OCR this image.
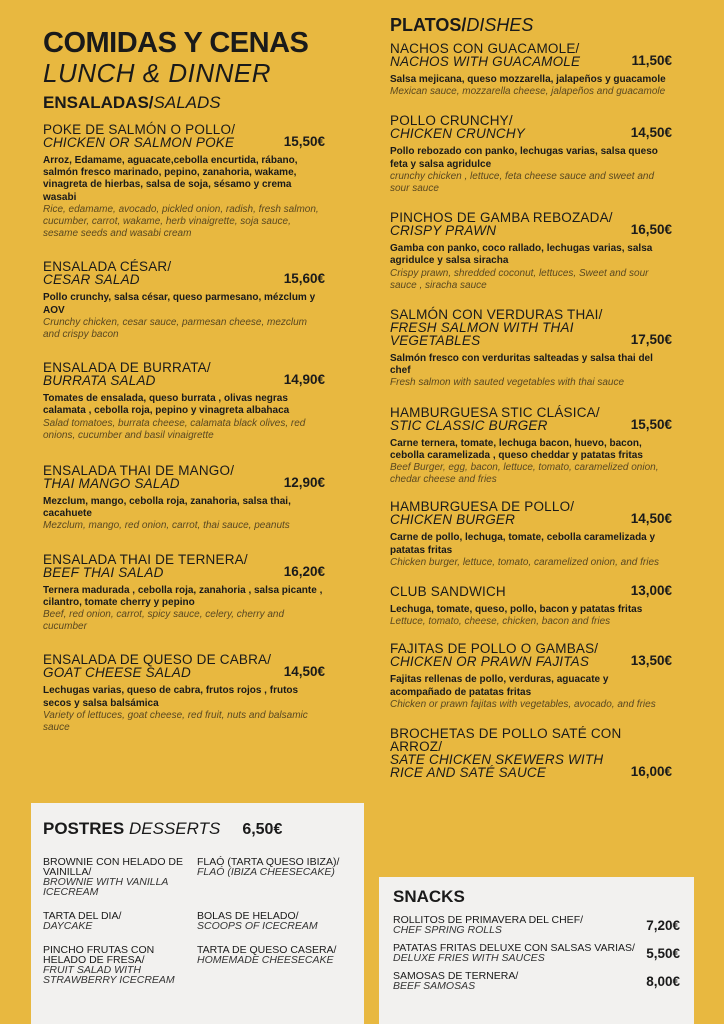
COMIDAS Y CENAS
LUNCH & DINNER
ENSALADAS/SALADS
POKE DE SALMÓN O POLLO/
CHICKEN OR SALMON POKE	15,50€
Arroz, Edamame, aguacate,cebolla encurtida, rábano, salmón fresco marinado, pepino, zanahoria, wakame, vinagreta de hierbas, salsa de soja, sésamo y crema wasabi
Rice, edamame, avocado, pickled onion, radish, fresh salmon, cucumber, carrot, wakame, herb vinaigrette, soja sauce, sesame seeds and wasabi cream
ENSALADA CÉSAR/
CESAR SALAD	15,60€
Pollo crunchy, salsa césar, queso parmesano, mézclum y AOV
Crunchy chicken, cesar sauce, parmesan cheese, mezclum and crispy bacon
ENSALADA DE BURRATA/
BURRATA SALAD	14,90€
Tomates de ensalada, queso burrata , olivas negras calamata , cebolla roja, pepino y vinagreta albahaca
Salad tomatoes, burrata cheese, calamata black olives, red onions, cucumber and basil vinaigrette
ENSALADA THAI DE MANGO/
THAI MANGO SALAD	12,90€
Mezclum, mango, cebolla roja, zanahoria, salsa thai, cacahuete
Mezclum, mango, red onion, carrot, thai sauce, peanuts
ENSALADA THAI DE TERNERA/
BEEF THAI SALAD	16,20€
Ternera madurada , cebolla roja, zanahoria , salsa picante , cilantro, tomate cherry y pepino
Beef, red onion, carrot, spicy sauce, celery, cherry and cucumber
ENSALADA DE QUESO DE CABRA/
GOAT CHEESE SALAD	14,50€
Lechugas varias, queso de cabra, frutos rojos , frutos secos y salsa balsámica
Variety of lettuces, goat cheese, red fruit, nuts and balsamic sauce
PLATOS/DISHES
NACHOS CON GUACAMOLE/
NACHOS WITH GUACAMOLE	11,50€
Salsa mejicana, queso mozzarella, jalapeños y guacamole
Mexican sauce, mozzarella cheese, jalapeños and guacamole
POLLO CRUNCHY/
CHICKEN CRUNCHY	14,50€
Pollo rebozado con panko, lechugas varias, salsa queso feta y salsa agridulce
crunchy chicken , lettuce, feta cheese sauce and sweet and sour sauce
PINCHOS DE GAMBA REBOZADA/
CRISPY PRAWN	16,50€
Gamba con panko, coco rallado, lechugas varias, salsa agridulce y salsa siracha
Crispy prawn, shredded coconut, lettuces, Sweet and sour sauce , siracha sauce
SALMÓN CON VERDURAS THAI/
FRESH SALMON WITH THAI VEGETABLES	17,50€
Salmón fresco con verduritas salteadas y salsa thai del chef
Fresh salmon with sauted vegetables with thai sauce
HAMBURGUESA STIC CLÁSICA/
STIC CLASSIC BURGER	15,50€
Carne ternera, tomate, lechuga bacon, huevo, bacon, cebolla caramelizada , queso cheddar y patatas fritas
Beef Burger, egg, bacon, lettuce, tomato, caramelized onion, chedar cheese and fries
HAMBURGUESA DE POLLO/
CHICKEN BURGER	14,50€
Carne de pollo, lechuga, tomate, cebolla caramelizada y patatas fritas
Chicken burger, lettuce, tomato, caramelized onion, and fries
CLUB SANDWICH	13,00€
Lechuga, tomate, queso, pollo, bacon y patatas fritas
Lettuce, tomato, cheese, chicken, bacon and fries
FAJITAS DE POLLO O GAMBAS/
CHICKEN OR PRAWN FAJITAS	13,50€
Fajitas rellenas de pollo, verduras, aguacate y acompañado de patatas fritas
Chicken or prawn fajitas with vegetables, avocado, and fries
BROCHETAS DE POLLO SATÉ CON ARROZ/
SATE CHICKEN SKEWERS WITH RICE AND SATÉ SAUCE	16,00€
POSTRES DESSERTS 6,50€
BROWNIE CON HELADO DE VAINILLA/
BROWNIE WITH VANILLA ICECREAM
FLAÓ (TARTA QUESO IBIZA)/
FLAÓ (IBIZA CHEESECAKE)
TARTA DEL DIA/
DAYCAKE
BOLAS DE HELADO/
SCOOPS OF ICECREAM
PINCHO FRUTAS CON HELADO DE FRESA/
FRUIT SALAD WITH STRAWBERRY ICECREAM
TARTA DE QUESO CASERA/
HOMEMADE CHEESECAKE
SNACKS
ROLLITOS DE PRIMAVERA DEL CHEF/
CHEF SPRING ROLLS	7,20€
PATATAS FRITAS DELUXE CON SALSAS VARIAS/
DELUXE FRIES WITH SAUCES	5,50€
SAMOSAS DE TERNERA/
BEEF SAMOSAS	8,00€
